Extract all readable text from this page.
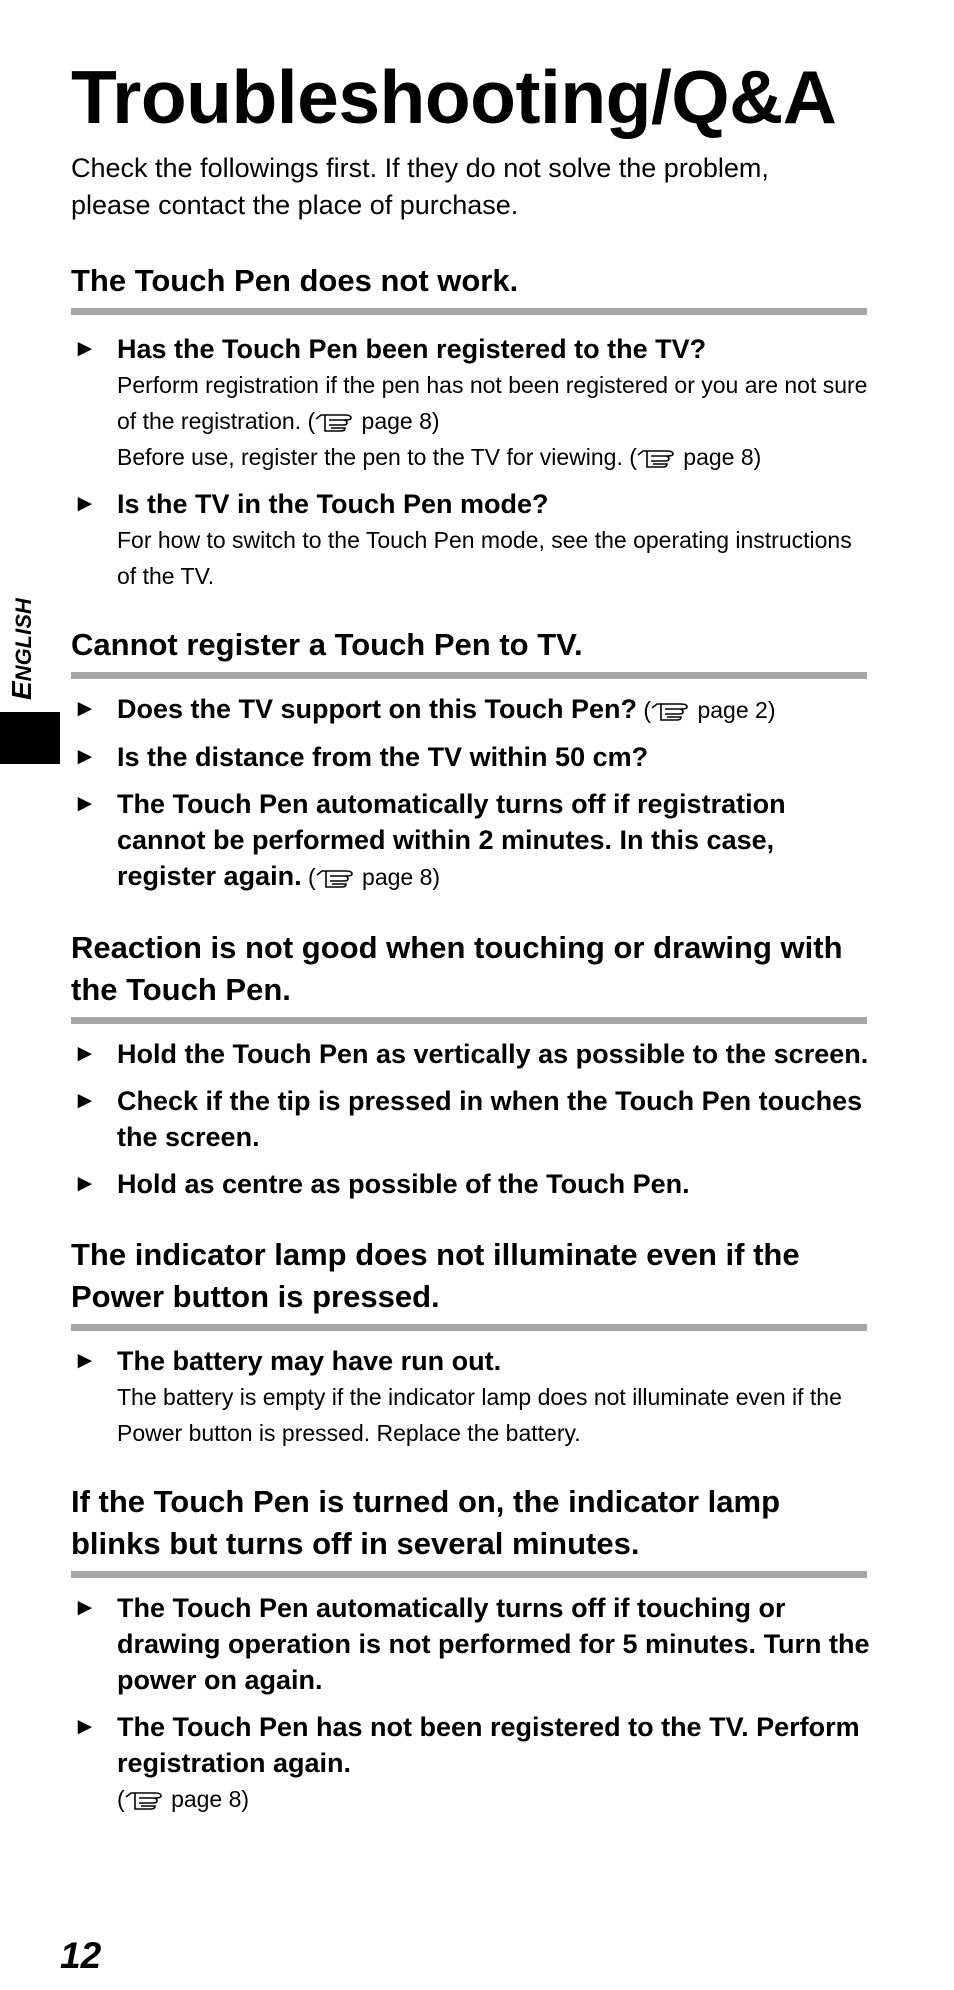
ENGLISH
Troubleshooting/Q&A
Check the followings first. If they do not solve the problem, please contact the place of purchase.
The Touch Pen does not work.
► Has the Touch Pen been registered to the TV?
Perform registration if the pen has not been registered or you are not sure of the registration. ( page 8)
Before use, register the pen to the TV for viewing. ( page 8)
► Is the TV in the Touch Pen mode?
For how to switch to the Touch Pen mode, see the operating instructions of the TV.
Cannot register a Touch Pen to TV.
► Does the TV support on this Touch Pen? ( page 2)
► Is the distance from the TV within 50 cm?
► The Touch Pen automatically turns off if registration cannot be performed within 2 minutes. In this case, register again. ( page 8)
Reaction is not good when touching or drawing with the Touch Pen.
► Hold the Touch Pen as vertically as possible to the screen.
► Check if the tip is pressed in when the Touch Pen touches the screen.
► Hold as centre as possible of the Touch Pen.
The indicator lamp does not illuminate even if the Power button is pressed.
► The battery may have run out.
The battery is empty if the indicator lamp does not illuminate even if the Power button is pressed. Replace the battery.
If the Touch Pen is turned on, the indicator lamp blinks but turns off in several minutes.
► The Touch Pen automatically turns off if touching or drawing operation is not performed for 5 minutes. Turn the power on again.
► The Touch Pen has not been registered to the TV. Perform registration again.
( page 8)
12
